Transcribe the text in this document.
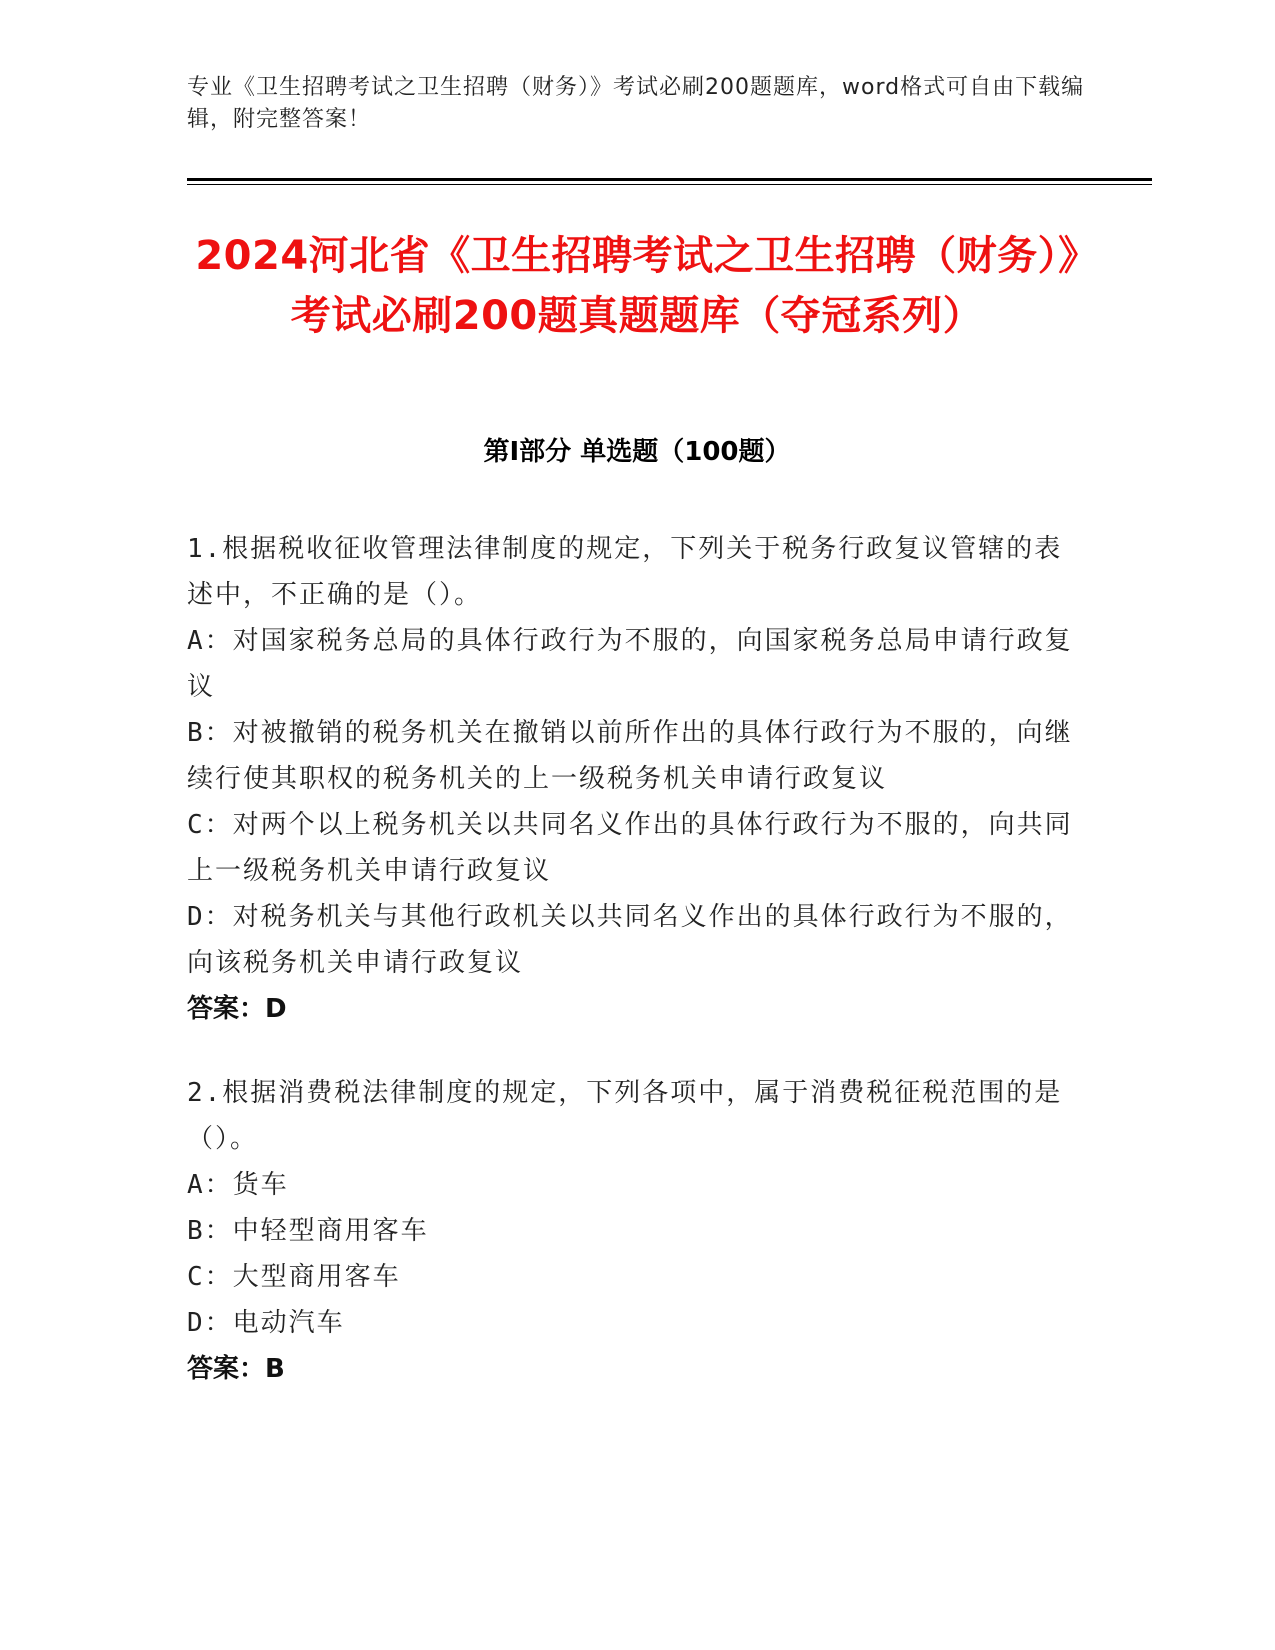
专业《卫生招聘考试之卫生招聘（财务）》考试必刷200题题库，word格式可自由下载编辑，附完整答案！
2024河北省《卫生招聘考试之卫生招聘（财务）》考试必刷200题真题题库（夺冠系列）
第I部分 单选题（100题）
1.根据税收征收管理法律制度的规定，下列关于税务行政复议管辖的表述中，不正确的是（）。
A：对国家税务总局的具体行政行为不服的，向国家税务总局申请行政复议
B：对被撤销的税务机关在撤销以前所作出的具体行政行为不服的，向继续行使其职权的税务机关的上一级税务机关申请行政复议
C：对两个以上税务机关以共同名义作出的具体行政行为不服的，向共同上一级税务机关申请行政复议
D：对税务机关与其他行政机关以共同名义作出的具体行政行为不服的，向该税务机关申请行政复议
答案：D
2.根据消费税法律制度的规定，下列各项中，属于消费税征税范围的是（）。
A：货车
B：中轻型商用客车
C：大型商用客车
D：电动汽车
答案：B
